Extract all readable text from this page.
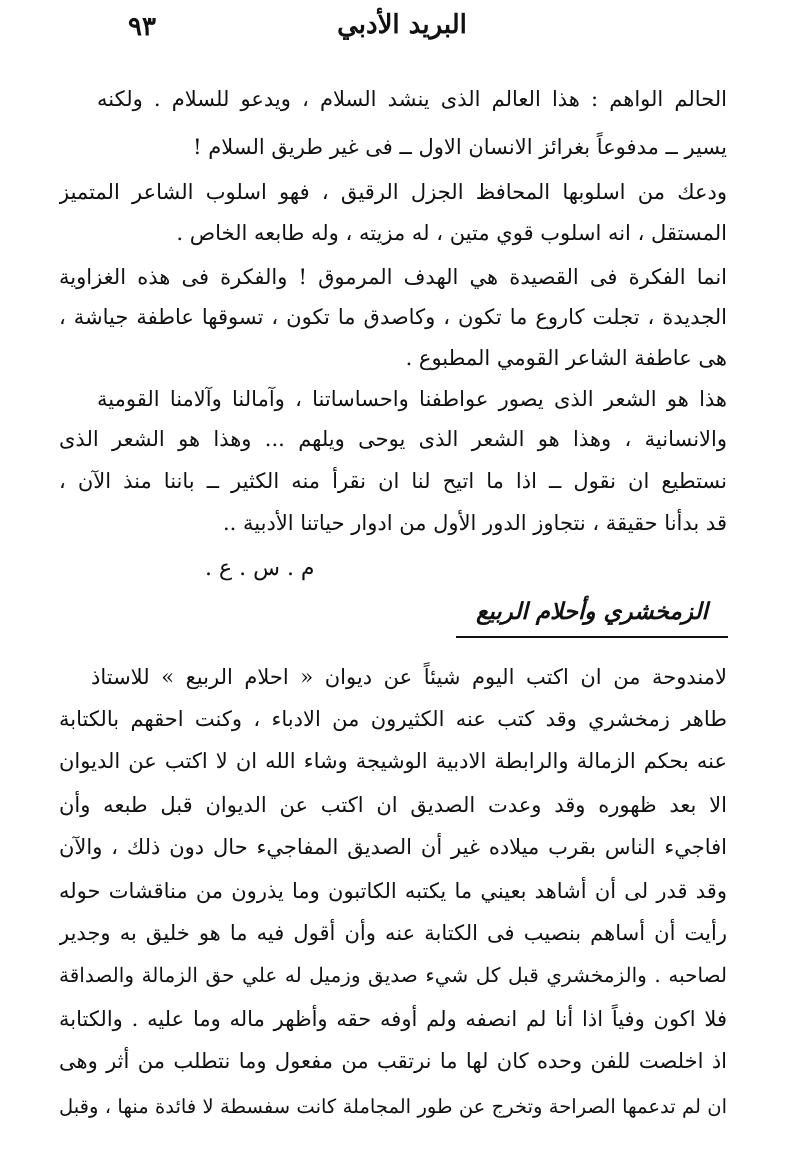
٩٣	البريد الأدبي
الحالم الواهم : هذا العالم الذى ينشد السلام ، ويدعو للسلام . ولكنه
يسير ــ مدفوعاً بغرائز الانسان الاول ــ فى غير طريق السلام !
ودعك من اسلوبها المحافظ الجزل الرقيق ، فهو اسلوب الشاعر المتميز
المستقل ، انه اسلوب قوي متين ، له مزيته ، وله طابعه الخاص .
انما الفكرة فى القصيدة هي الهدف المرموق ! والفكرة فى هذه الغزاوية
الجديدة ، تجلت كاروع ما تكون ، وكاصدق ما تكون ، تسوقها عاطفة جياشة ،
هى عاطفة الشاعر القومي المطبوع .
هذا هو الشعر الذى يصور عواطفنا واحساساتنا ، وآمالنا وآلامنا القومية
والانسانية ، وهذا هو الشعر الذى يوحى ويلهم ... وهذا هو الشعر الذى
نستطيع ان نقول ــ اذا ما اتيح لنا ان نقرأ منه الكثير ــ باننا منذ الآن ،
قد بدأنا حقيقة ، نتجاوز الدور الأول من ادوار حياتنا الأدبية ..
م . س . ع .
الزمخشري وأحلام الربيع
لامندوحة من ان اكتب اليوم شيئاً عن ديوان « احلام الربيع » للاستاذ
طاهر زمخشري وقد كتب عنه الكثيرون من الادباء ، وكنت احقهم بالكتابة
عنه بحكم الزمالة والرابطة الادبية الوشيجة وشاء الله ان لا اكتب عن الديوان
الا بعد ظهوره وقد وعدت الصديق ان اكتب عن الديوان قبل طبعه وأن
افاجيء الناس بقرب ميلاده غير أن الصديق المفاجيء حال دون ذلك ، والآن
وقد قدر لى أن أشاهد بعيني ما يكتبه الكاتبون وما يذرون من مناقشات حوله
رأيت أن أساهم بنصيب فى الكتابة عنه وأن أقول فيه ما هو خليق به وجدير
لصاحبه . والزمخشري قبل كل شيء صديق وزميل له علي حق الزمالة والصداقة
فلا اكون وفياً اذا أنا لم انصفه ولم أوفه حقه وأظهر ماله وما عليه . والكتابة
اذ اخلصت للفن وحده كان لها ما نرتقب من مفعول وما نتطلب من أثر وهى
ان لم تدعمها الصراحة وتخرج عن طور المجاملة كانت سفسطة لا فائدة منها ، وقبل
